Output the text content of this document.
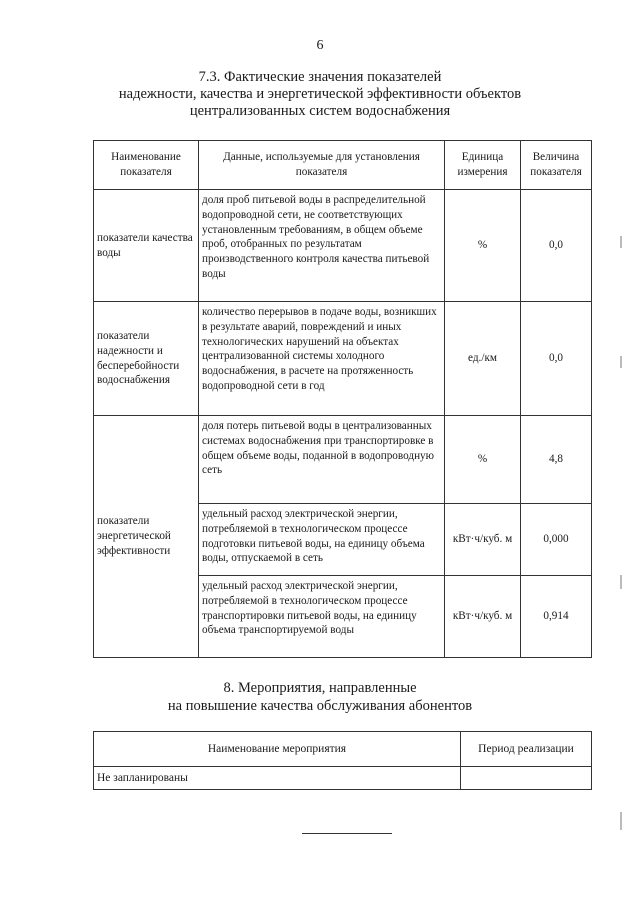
6
7.3. Фактические значения показателей
надежности, качества и энергетической эффективности объектов
централизованных систем водоснабжения
Наименование показателя	Данные, используемые для установления показателя	Единица измерения	Величина показателя
показатели качества воды	доля проб питьевой воды в распределительной водопроводной сети, не соответствующих установленным требованиям, в общем объеме проб, отобранных по результатам производственного контроля качества питьевой воды	%	0,0
показатели надежности и бесперебойности водоснабжения	количество перерывов в подаче воды, возникших в результате аварий, повреждений и иных технологических нарушений на объектах централизованной системы холодного водоснабжения, в расчете на протяженность водопроводной сети в год	ед./км	0,0
показатели энергетической эффективности	доля потерь питьевой воды в централизованных системах водоснабжения при транспортировке в общем объеме воды, поданной в водопроводную сеть	%	4,8
	удельный расход электрической энергии, потребляемой в технологическом процессе подготовки питьевой воды, на единицу объема воды, отпускаемой в сеть	кВт·ч/куб. м	0,000
	удельный расход электрической энергии, потребляемой в технологическом процессе транспортировки питьевой воды, на единицу объема транспортируемой воды	кВт·ч/куб. м	0,914
8. Мероприятия, направленные
на повышение качества обслуживания абонентов
Наименование мероприятия	Период реализации
Не запланированы	
